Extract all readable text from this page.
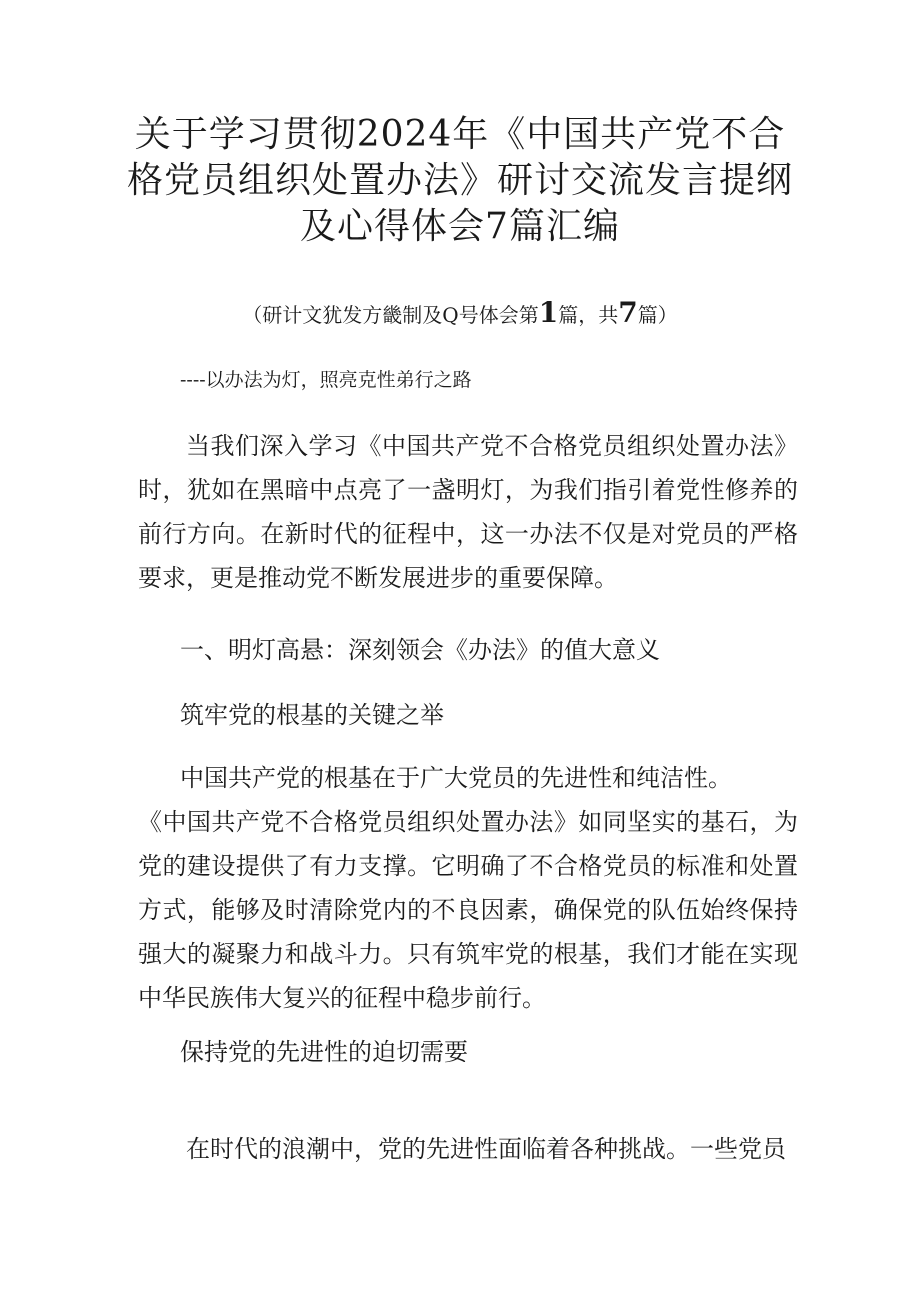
关于学习贯彻2024年《中国共产党不合格党员组织处置办法》研讨交流发言提纲及心得体会7篇汇编

（研计文犹发方畿制及Q号体会第1篇，共7篇）

----以办法为灯，照亮克性弟行之路

当我们深入学习《中国共产党不合格党员组织处置办法》时，犹如在黑暗中点亮了一盏明灯，为我们指引着党性修养的前行方向。在新时代的征程中，这一办法不仅是对党员的严格要求，更是推动党不断发展进步的重要保障。

一、明灯高悬：深刻领会《办法》的值大意义

筑牢党的根基的关键之举

中国共产党的根基在于广大党员的先进性和纯洁性。

《中国共产党不合格党员组织处置办法》如同坚实的基石，为党的建设提供了有力支撑。它明确了不合格党员的标准和处置方式，能够及时清除党内的不良因素，确保党的队伍始终保持强大的凝聚力和战斗力。只有筑牢党的根基，我们才能在实现中华民族伟大复兴的征程中稳步前行。

保持党的先进性的迫切需要

在时代的浪潮中，党的先进性面临着各种挑战。一些党员
